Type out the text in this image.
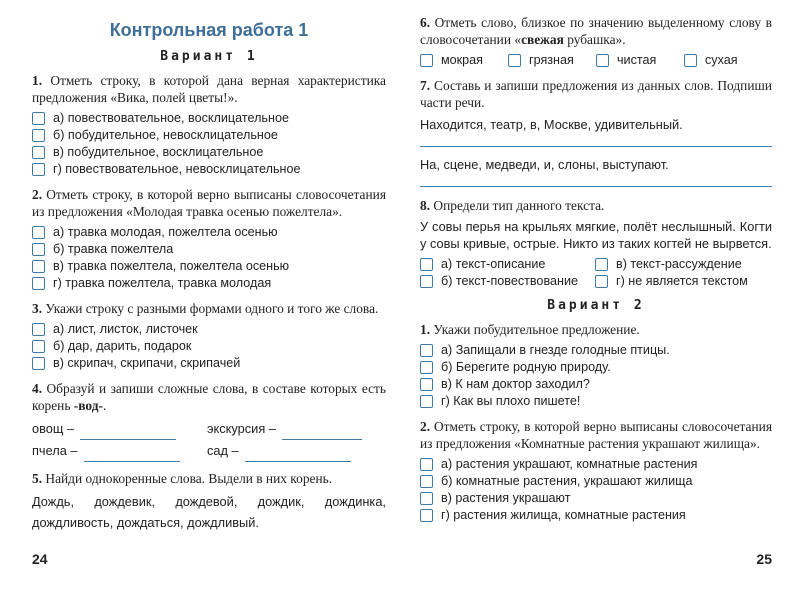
Контрольная работа 1
Вариант 1
1. Отметь строку, в которой дана верная характеристика предложения «Вика, полей цветы!».
а) повествовательное, восклицательное
б) побудительное, невосклицательное
в) побудительное, восклицательное
г) повествовательное, невосклицательное
2. Отметь строку, в которой верно выписаны словосочетания из предложения «Молодая травка осенью пожелтела».
а) травка молодая, пожелтела осенью
б) травка пожелтела
в) травка пожелтела, пожелтела осенью
г) травка пожелтела, травка молодая
3. Укажи строку с разными формами одного и того же слова.
а) лист, листок, листочек
б) дар, дарить, подарок
в) скрипач, скрипачи, скрипачей
4. Образуй и запиши сложные слова, в составе которых есть корень -вод-.
овощ –	экскурсия –
пчела –	сад –
5. Найди однокоренные слова. Выдели в них корень.
Дождь, дождевик, дождевой, дождик, дождинка, дождливость, дождаться, дождливый.
24
6. Отметь слово, близкое по значению выделенному слову в словосочетании «свежая рубашка».
мокрая	грязная	чистая	сухая
7. Составь и запиши предложения из данных слов. Подпиши части речи.
Находится, театр, в, Москве, удивительный.
На, сцене, медведи, и, слоны, выступают.
8. Определи тип данного текста.
У совы перья на крыльях мягкие, полёт неслышный. Когти у совы кривые, острые. Никто из таких когтей не вырвется.
а) текст-описание	в) текст-рассуждение
б) текст-повествование	г) не является текстом
Вариант 2
1. Укажи побудительное предложение.
а) Запищали в гнезде голодные птицы.
б) Берегите родную природу.
в) К нам доктор заходил?
г) Как вы плохо пишете!
2. Отметь строку, в которой верно выписаны словосочетания из предложения «Комнатные растения украшают жилища».
а) растения украшают, комнатные растения
б) комнатные растения, украшают жилища
в) растения украшают
г) растения жилища, комнатные растения
25
